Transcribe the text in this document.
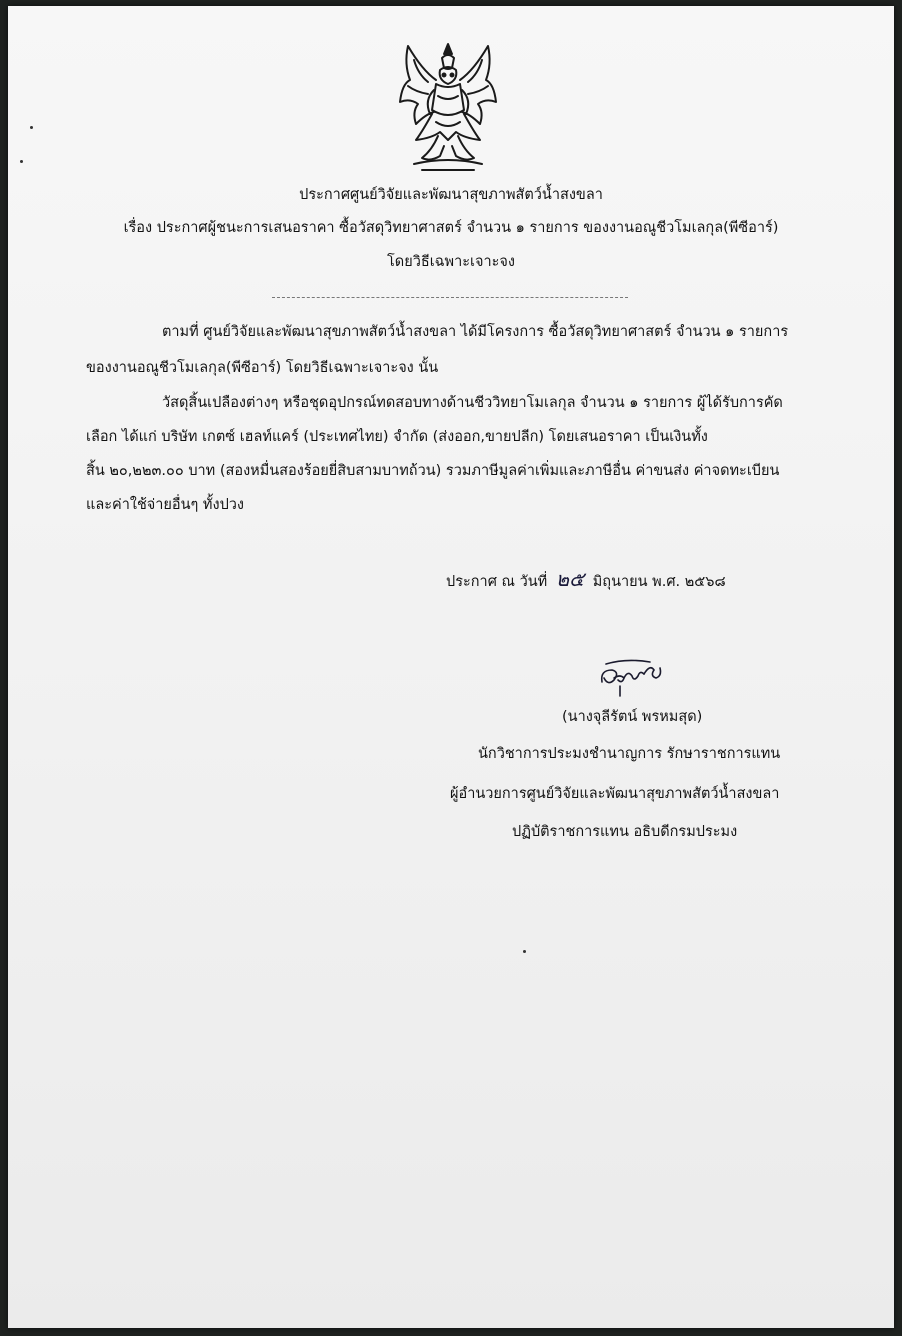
ประกาศศูนย์วิจัยและพัฒนาสุขภาพสัตว์น้ำสงขลา
เรื่อง ประกาศผู้ชนะการเสนอราคา ซื้อวัสดุวิทยาศาสตร์ จำนวน ๑ รายการ ของงานอณูชีวโมเลกุล(พีซีอาร์)
โดยวิธีเฉพาะเจาะจง
ตามที่ ศูนย์วิจัยและพัฒนาสุขภาพสัตว์น้ำสงขลา ได้มีโครงการ ซื้อวัสดุวิทยาศาสตร์ จำนวน ๑ รายการ
ของงานอณูชีวโมเลกุล(พีซีอาร์) โดยวิธีเฉพาะเจาะจง นั้น
วัสดุสิ้นเปลืองต่างๆ หรือชุดอุปกรณ์ทดสอบทางด้านชีววิทยาโมเลกุล จำนวน ๑ รายการ ผู้ได้รับการคัด
เลือก ได้แก่ บริษัท เกตซ์ เฮลท์แคร์ (ประเทศไทย) จำกัด (ส่งออก,ขายปลีก) โดยเสนอราคา เป็นเงินทั้ง
สิ้น ๒๐,๒๒๓.๐๐ บาท (สองหมื่นสองร้อยยี่สิบสามบาทถ้วน) รวมภาษีมูลค่าเพิ่มและภาษีอื่น ค่าขนส่ง ค่าจดทะเบียน
และค่าใช้จ่ายอื่นๆ ทั้งปวง
ประกาศ ณ วันที่ ๒๕ มิถุนายน พ.ศ. ๒๕๖๘
(นางจุลีรัตน์ พรหมสุด)
นักวิชาการประมงชำนาญการ รักษาราชการแทน
ผู้อำนวยการศูนย์วิจัยและพัฒนาสุขภาพสัตว์น้ำสงขลา
ปฏิบัติราชการแทน อธิบดีกรมประมง
